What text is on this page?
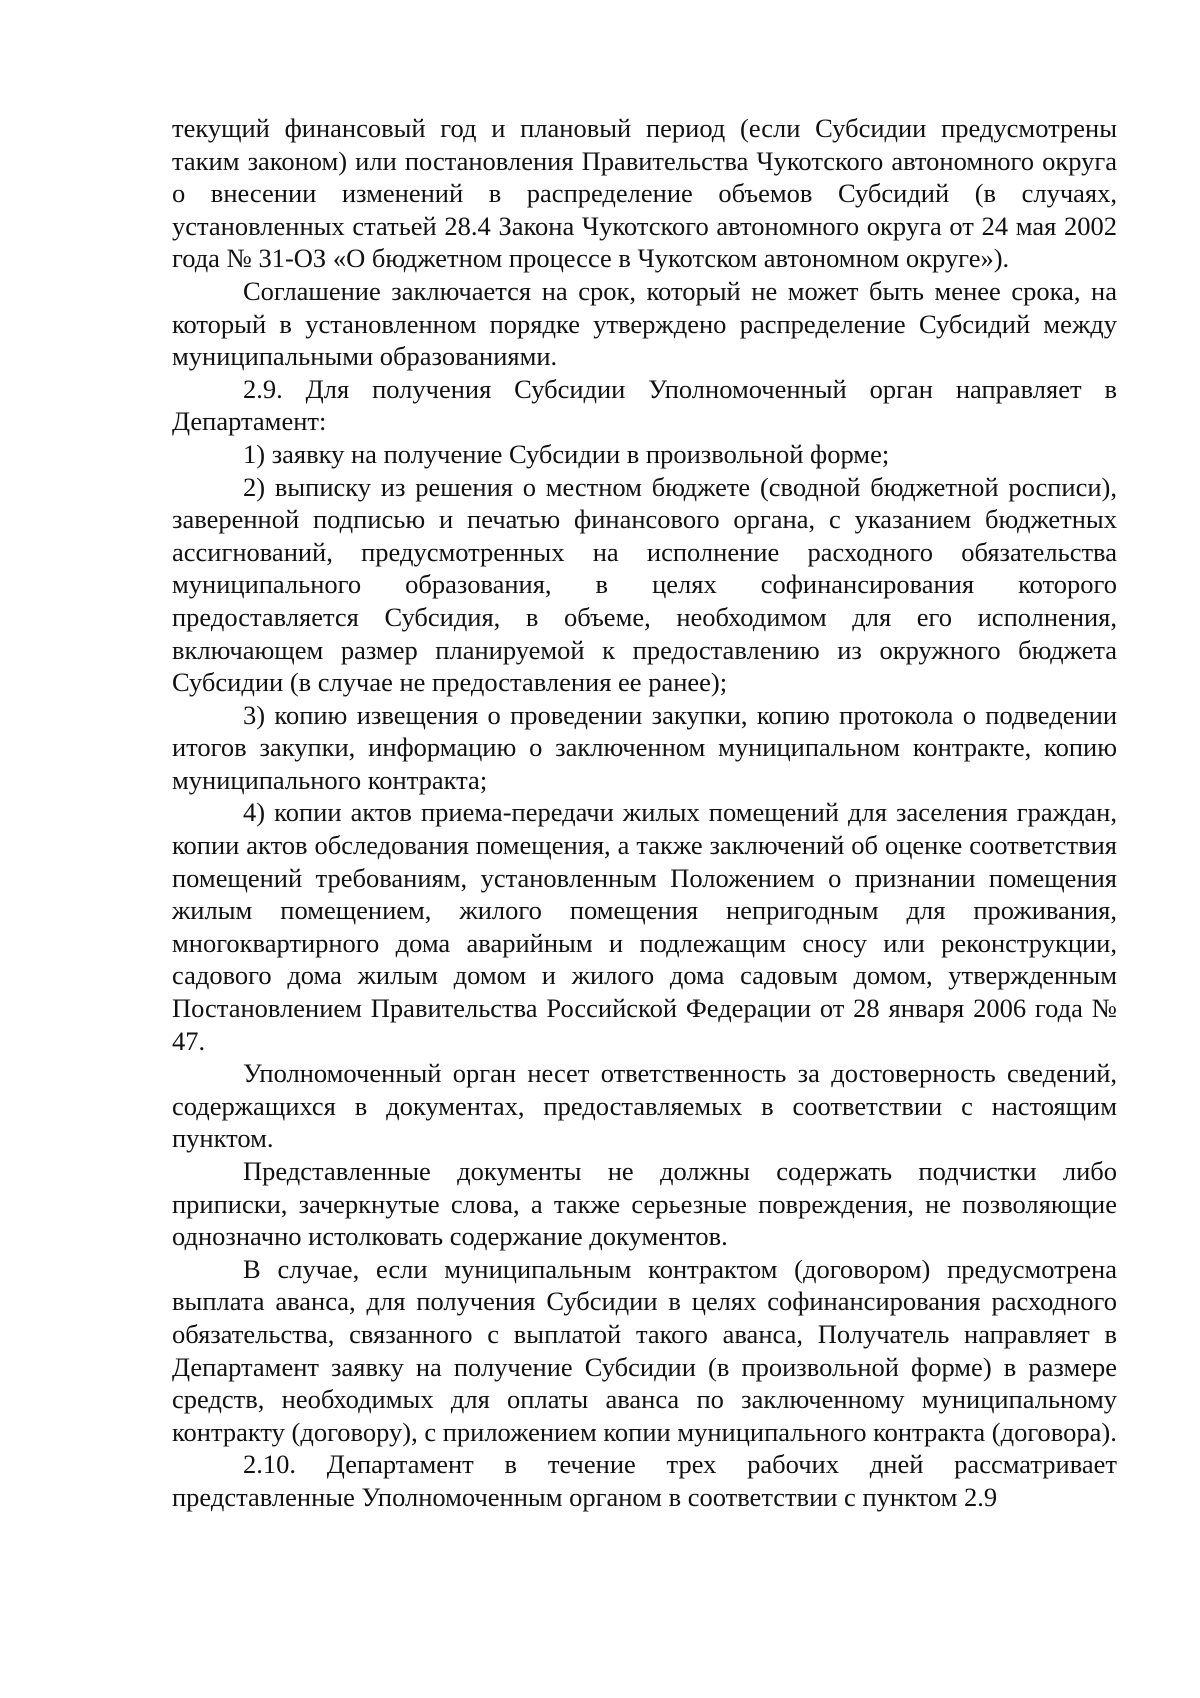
текущий финансовый год и плановый период (если Субсидии предусмотрены таким законом) или постановления Правительства Чукотского автономного округа о внесении изменений в распределение объемов Субсидий (в случаях, установленных статьей 28.4 Закона Чукотского автономного округа от 24 мая 2002 года № 31-ОЗ «О бюджетном процессе в Чукотском автономном округе»).

Соглашение заключается на срок, который не может быть менее срока, на который в установленном порядке утверждено распределение Субсидий между муниципальными образованиями.

2.9. Для получения Субсидии Уполномоченный орган направляет в Департамент:

1) заявку на получение Субсидии в произвольной форме;

2) выписку из решения о местном бюджете (сводной бюджетной росписи), заверенной подписью и печатью финансового органа, с указанием бюджетных ассигнований, предусмотренных на исполнение расходного обязательства муниципального образования, в целях софинансирования которого предоставляется Субсидия, в объеме, необходимом для его исполнения, включающем размер планируемой к предоставлению из окружного бюджета Субсидии (в случае не предоставления ее ранее);

3) копию извещения о проведении закупки, копию протокола о подведении итогов закупки, информацию о заключенном муниципальном контракте, копию муниципального контракта;

4) копии актов приема-передачи жилых помещений для заселения граждан, копии актов обследования помещения, а также заключений об оценке соответствия помещений требованиям, установленным Положением о признании помещения жилым помещением, жилого помещения непригодным для проживания, многоквартирного дома аварийным и подлежащим сносу или реконструкции, садового дома жилым домом и жилого дома садовым домом, утвержденным Постановлением Правительства Российской Федерации от 28 января 2006 года № 47.

Уполномоченный орган несет ответственность за достоверность сведений, содержащихся в документах, предоставляемых в соответствии с настоящим пунктом.

Представленные документы не должны содержать подчистки либо приписки, зачеркнутые слова, а также серьезные повреждения, не позволяющие однозначно истолковать содержание документов.

В случае, если муниципальным контрактом (договором) предусмотрена выплата аванса, для получения Субсидии в целях софинансирования расходного обязательства, связанного с выплатой такого аванса, Получатель направляет в Департамент заявку на получение Субсидии (в произвольной форме) в размере средств, необходимых для оплаты аванса по заключенному муниципальному контракту (договору), с приложением копии муниципального контракта (договора).

2.10. Департамент в течение трех рабочих дней рассматривает представленные Уполномоченным органом в соответствии с пунктом 2.9
